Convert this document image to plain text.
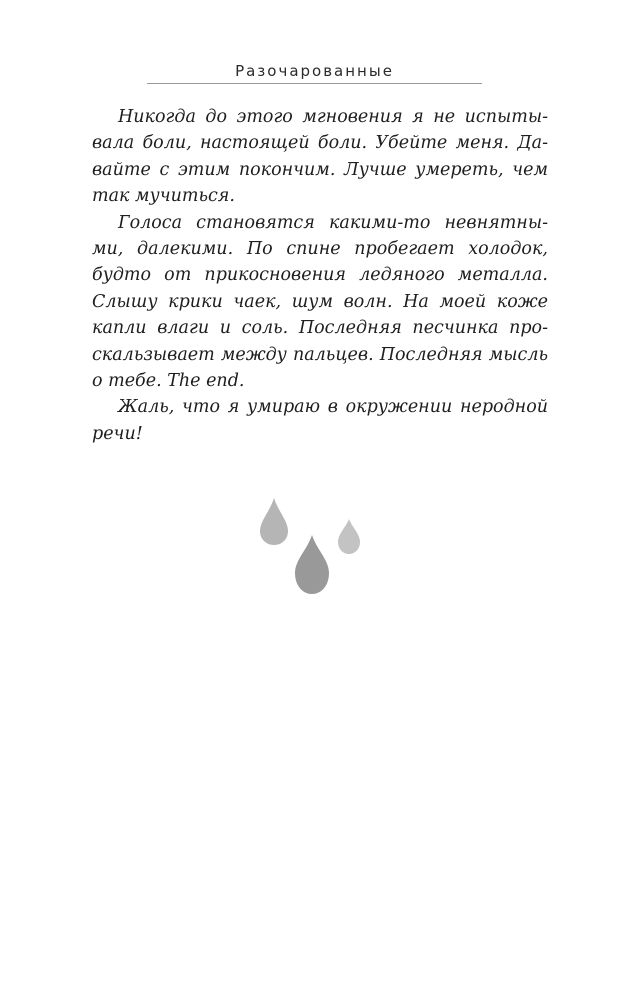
Разочарованные
Никогда до этого мгновения я не испыты-
вала боли, настоящей боли. Убейте меня. Да-
вайте с этим покончим. Лучше умереть, чем
так мучиться.
Голоса становятся какими-то невнятны-
ми, далекими. По спине пробегает холодок,
будто от прикосновения ледяного металла.
Слышу крики чаек, шум волн. На моей коже
капли влаги и соль. Последняя песчинка про-
скальзывает между пальцев. Последняя мысль
о тебе. The end.
Жаль, что я умираю в окружении неродной
речи!
